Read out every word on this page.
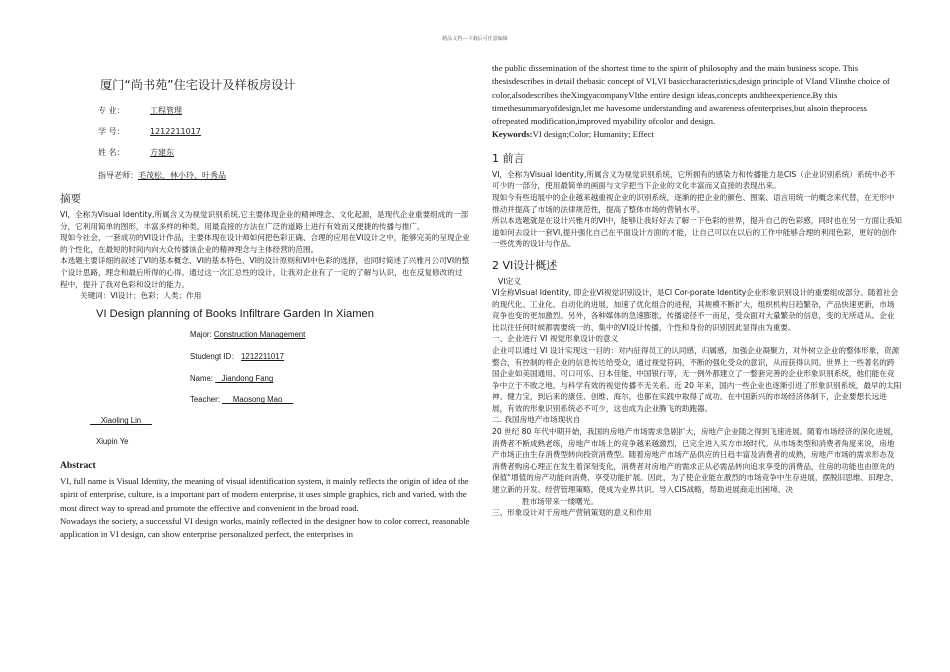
精品文档---下载后可任意编辑
厦门“尚书苑”住宅设计及样板房设计
专 业：	工程管理
学 号：	1212211017
姓 名：	方建东
指导老师：毛茂松、林小玲、叶秀品
摘要

VI，全称为Visual Identity,所属含义为视觉识别系统,它主要体现企业的精神理念、文化起源，是现代企业重要组成的一部分，它利用简单的图形，丰富多样的种类，用最直接的方法在广泛的道路上进行有效而又便捷的传播与推广。

现如今社会，一套成功的VI设计作品，主要体现在设计师如何把色彩正确、合理的应用在VI设计之中，能够完美的呈现企业的个性化，在最短的时间内向大众传播该企业的精神理念与主体经营的范围。

本选题主要详细的叙述了VI的基本概念、VI的基本特色、VI的设计原则和VI中色彩的选择，也同时简述了兴雅月公司VI的整个设计思路，理念和最后所得的心得。通过这一次汇总性的设计，让我对企业有了一定的了解与认识，也在反复修改的过程中，提升了我对色彩和设计的能力。

关键词：VI设计；色彩；人类；作用
VI Design planning of Books Infiltrare Garden In Xiamen
Major: Construction Management
Studengt ID： 1212211017
Name:    Jiandong Fang
Teacher:      Maosong Mao
Xiaoling Lin
Xiupin Ye
Abstract

VI, full name is Visual Identity, the meaning of visual identification system, it mainly reflects the origin of idea of the spirit of enterprise, culture, is a important part of modern enterprise, it uses simple graphics, rich and varied, with the most direct way to spread and promote the effective and convenient in the broad road.

Nowadays the society, a successful VI design works, mainly reflected in the designer how to color correct, reasonable application in VI design, can show enterprise personalized perfect, the enterprises in

the public dissemination of the shortest time to the spirit of philosophy and the main business scope. This thesisdescribes in detail thebasic concept of VI,VI basiccharacteristics,design principle of VIand VIinthe choice of color,alsodescribes theXingyacompanyVIthe entire design ideas,concepts andtheexperience.By this timethesummaryofdesign,let me havesome understanding and awareness ofenterprises,but alsoin theprocess ofrepeated modification,improved myability ofcolor and design.

Keywords:VI design;Color; Humanity; Effect

1 前言

VI，全称为Visual Identity,所属含义为视觉识别系统，它所拥有的感染力和传播能力是CIS（企业识别系统）系统中必不可少的一部分，使用最简单的画面与文字把当下企业的文化丰富而又直接的表现出来。

现如今有些追展中的企业越来越重视企业的识别系统，逐渐的把企业的颜色、图案、语言用统一的概念来代替，在无形中推动并提高了市场的法律规范性，提高了整体市场的营销水平。

所以本选题就是在设计兴雅月的VI中，能够让我好好去了解一下色彩的世界，提升自己的色彩感，同时也在另一方面让我知道如何去设计一套VI,提升强化自己在平面设计方面的才能，让自己可以在以后的工作中能够合理的利用色彩，更好的创作一些优秀的设计与作品。

2 VI设计概述
VI定义

VI全称Visual Identity, 即企业VI视觉识别设计，是CI Cor-porate Identity企业形象识别设计的重要组成部分。随着社会的现代化、工业化、自动化的进展，加速了优化组合的进程，其规模不断扩大，组织机构日趋繁杂，产品快速更新，市场竞争也变的更加激烈。另外，各种媒体的急速膨胀，传播途径不一而足，受众面对大量繁杂的信息，变的无所适从。企业比以往任何时候都需要统一的、集中的VI设计传播，个性和身份的识别因此显得由为重要。

一、企业进行 VI 视觉形象设计的意义

企业可以通过 VI 设计实现这一目的：对内征得员工的认同感，归属感，加强企业凝聚力，对外树立企业的整体形象，资源整合，有控制的将企业的信息传达给受众，通过视觉符码，不断的强化受众的意识，从而获得认同。世界上一些著名的跨国企业如美国通用、可口可乐、日本佳能、中国银行等，无一例外都建立了一整套完善的企业形象识别系统，他们能在竞争中立于不败之地，与科学有效的视觉传播不无关系。近 20 年来，国内一些企业也逐渐引进了形象识别系统，最早的太阳神、健力宝，到后来的康佳、创维、海尔，也都在实践中取得了成功。在中国新兴的市场经济体制下，企业要想长远进展，有效的形象识别系统必不可少，这也成为企业腾飞的助跑器。

二. 我国房地产市场现状自

20 世纪 80 年代中期开始，我国的房地产市场需求急剧扩大，房地产企业随之得到飞速进展。随着市场经济的深化进展，消费者不断成熟老练，房地产市场上的竞争越来越激烈，已完全进入买方市场时代。从市场类型和消费者角度来说，房地产市场正由生存消费型转向投资消费型。随着房地产市场产品供应的日趋丰富及消费者的成熟，房地产市场的需求形态及消费者购房心理正在发生着深刻变化，消费者对房地产的需求正从必需品转向追求享受的消费品，住房的功能也由原先的保值“增值的房产功能向消费、享受功能扩展。因此，为了使企业能在激烈的市场竞争中生存进展，摆脱旧思维、旧理念，建立新的开发、经营管理策略，使成为业界共识。导入CIS战略，帮助进展商走出困境、决

胜市场带来一缕曙光。

三、形象设计对于房地产营销策划的意义和作用
